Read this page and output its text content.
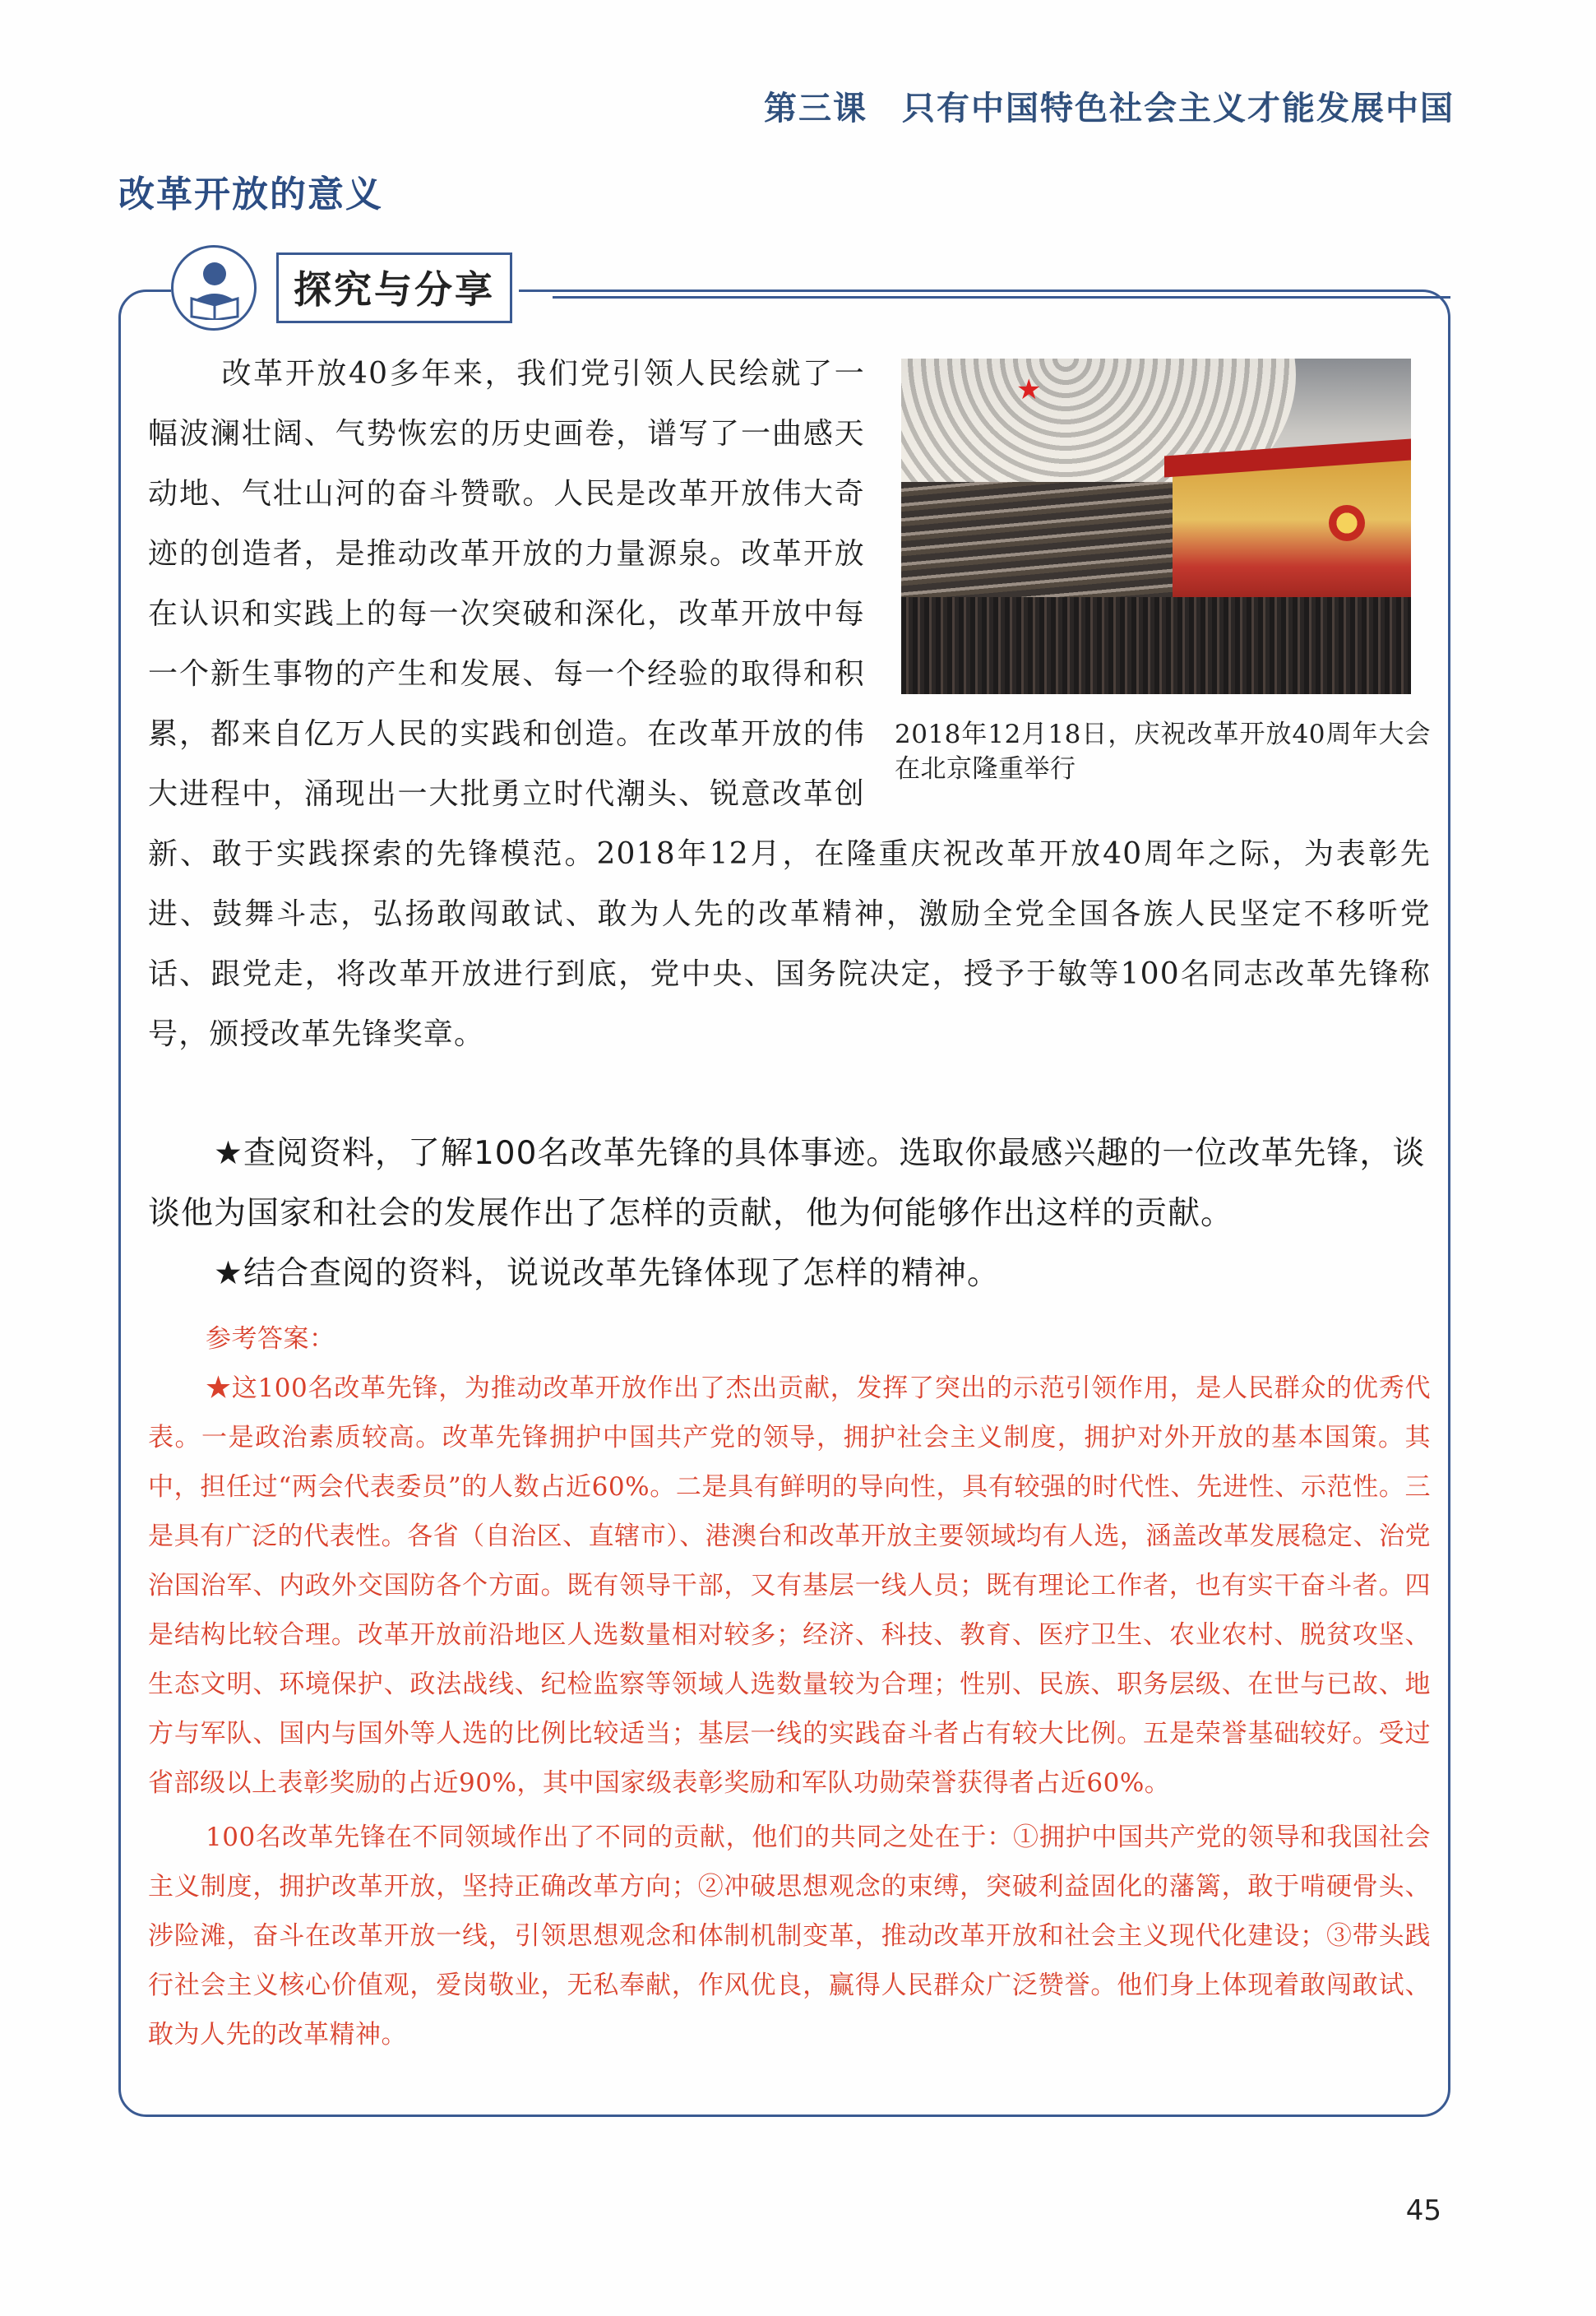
第三课　只有中国特色社会主义才能发展中国
改革开放的意义
探究与分享
★
2018年12月18日，庆祝改革开放40周年大会在北京隆重举行
改革开放40多年来，我们党引领人民绘就了一幅波澜壮阔、气势恢宏的历史画卷，谱写了一曲感天动地、气壮山河的奋斗赞歌。人民是改革开放伟大奇迹的创造者，是推动改革开放的力量源泉。改革开放在认识和实践上的每一次突破和深化，改革开放中每一个新生事物的产生和发展、每一个经验的取得和积累，都来自亿万人民的实践和创造。在改革开放的伟大进程中，涌现出一大批勇立时代潮头、锐意改革创新、敢于实践探索的先锋模范。2018年12月，在隆重庆祝改革开放40周年之际，为表彰先进、鼓舞斗志，弘扬敢闯敢试、敢为人先的改革精神，激励全党全国各族人民坚定不移听党话、跟党走，将改革开放进行到底，党中央、国务院决定，授予于敏等100名同志改革先锋称号，颁授改革先锋奖章。

★查阅资料，了解100名改革先锋的具体事迹。选取你最感兴趣的一位改革先锋，谈谈他为国家和社会的发展作出了怎样的贡献，他为何能够作出这样的贡献。

★结合查阅的资料，说说改革先锋体现了怎样的精神。

参考答案：

★这100名改革先锋，为推动改革开放作出了杰出贡献，发挥了突出的示范引领作用，是人民群众的优秀代表。一是政治素质较高。改革先锋拥护中国共产党的领导，拥护社会主义制度，拥护对外开放的基本国策。其中，担任过“两会代表委员”的人数占近60%。二是具有鲜明的导向性，具有较强的时代性、先进性、示范性。三是具有广泛的代表性。各省（自治区、直辖市）、港澳台和改革开放主要领域均有人选，涵盖改革发展稳定、治党治国治军、内政外交国防各个方面。既有领导干部，又有基层一线人员；既有理论工作者，也有实干奋斗者。四是结构比较合理。改革开放前沿地区人选数量相对较多；经济、科技、教育、医疗卫生、农业农村、脱贫攻坚、生态文明、环境保护、政法战线、纪检监察等领域人选数量较为合理；性别、民族、职务层级、在世与已故、地方与军队、国内与国外等人选的比例比较适当；基层一线的实践奋斗者占有较大比例。五是荣誉基础较好。受过省部级以上表彰奖励的占近90%，其中国家级表彰奖励和军队功勋荣誉获得者占近60%。

100名改革先锋在不同领域作出了不同的贡献，他们的共同之处在于：①拥护中国共产党的领导和我国社会主义制度，拥护改革开放，坚持正确改革方向；②冲破思想观念的束缚，突破利益固化的藩篱，敢于啃硬骨头、涉险滩，奋斗在改革开放一线，引领思想观念和体制机制变革，推动改革开放和社会主义现代化建设；③带头践行社会主义核心价值观，爱岗敬业，无私奉献，作风优良，赢得人民群众广泛赞誉。他们身上体现着敢闯敢试、敢为人先的改革精神。

45
